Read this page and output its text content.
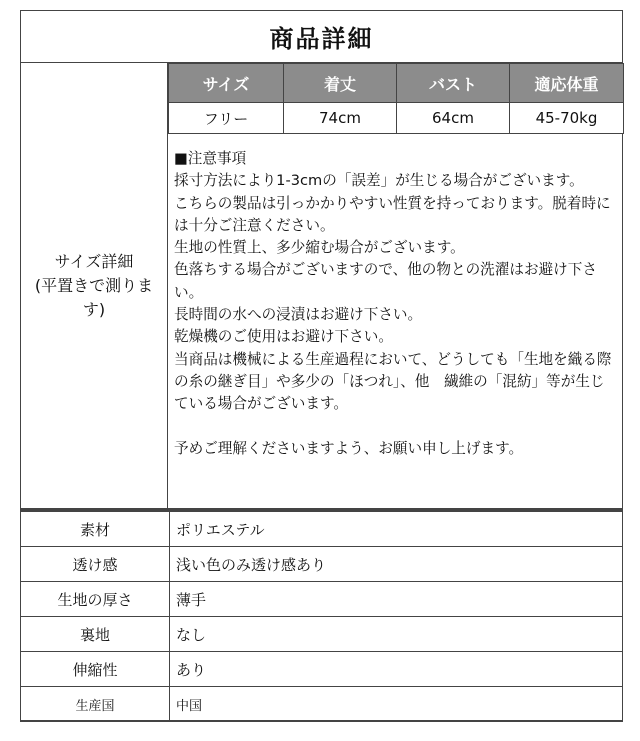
商品詳細
サイズ詳細
(平置きで測りま
す)
サイズ	着丈	バスト	適応体重
フリー	74cm	64cm	45-70kg
■注意事項
採寸方法により1-3cmの「誤差」が生じる場合がございます。
こちらの製品は引っかかりやすい性質を持っております。脱着時には十分ご注意ください。
生地の性質上、多少縮む場合がございます。
色落ちする場合がございますので、他の物との洗濯はお避け下さい。
長時間の水への浸漬はお避け下さい。
乾燥機のご使用はお避け下さい。
当商品は機械による生産過程において、どうしても「生地を織る際の糸の継ぎ目」や多少の「ほつれ」、他　繊維の「混紡」等が生じている場合がございます。
予めご理解くださいますよう、お願い申し上げます。
素材	ポリエステル
透け感	浅い色のみ透け感あり
生地の厚さ	薄手
裏地	なし
伸縮性	あり
生産国	中国
